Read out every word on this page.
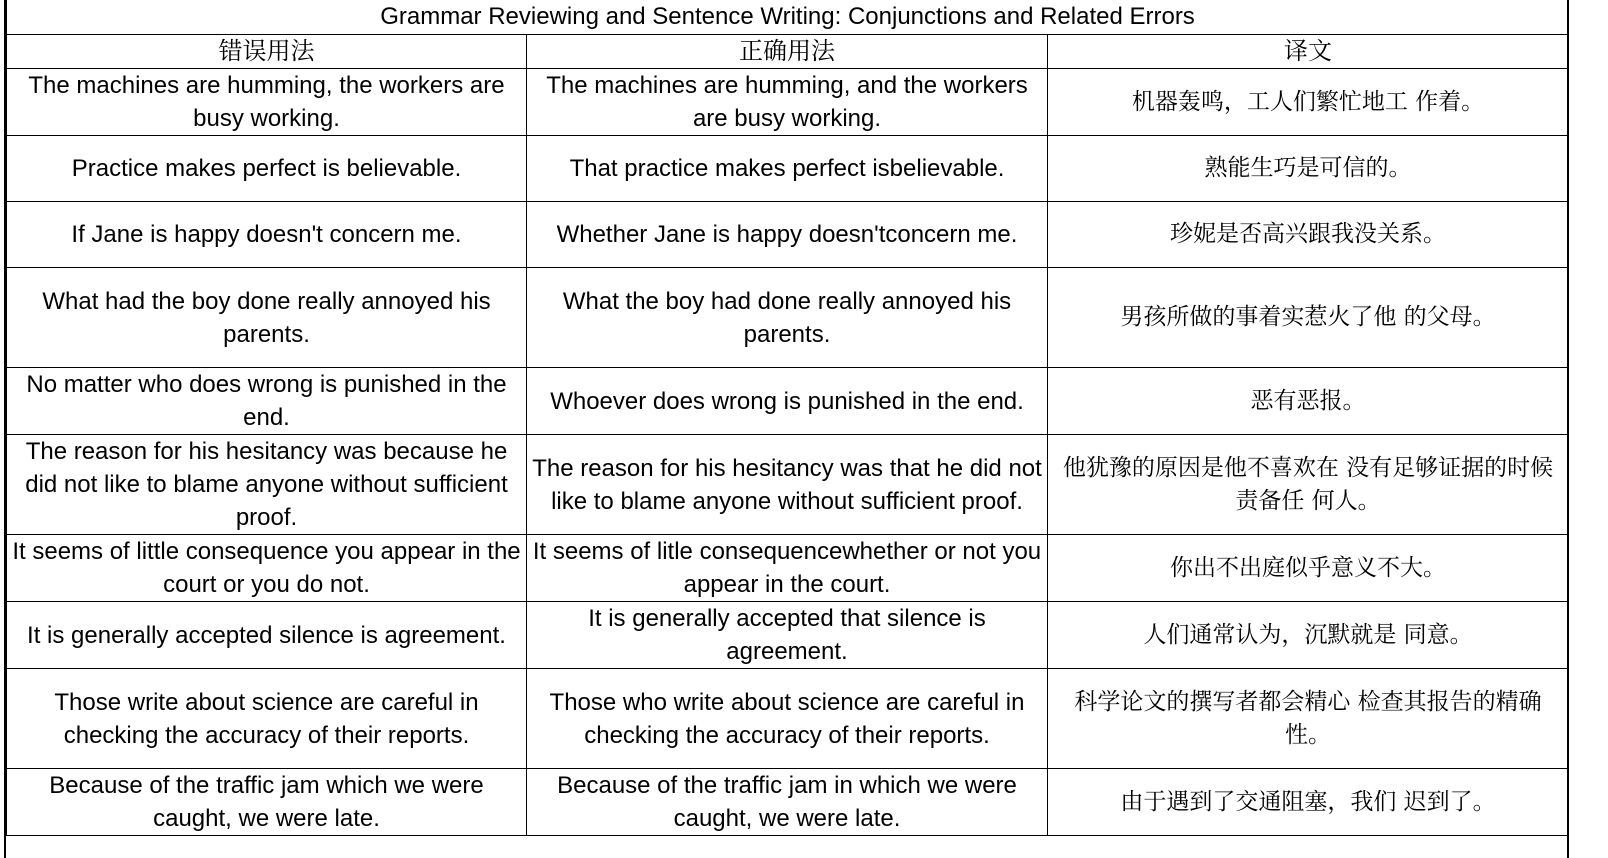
Grammar Reviewing and Sentence Writing: Conjunctions and Related Errors		
错误用法	正确用法	译文
The machines are humming, the workers are busy working.	The machines are humming, and the workers are busy working.	机器轰鸣，工人们繁忙地工 作着。
Practice makes perfect is believable.	That practice makes perfect isbelievable.	熟能生巧是可信的。
If Jane is happy doesn't concern me.	Whether Jane is happy doesn'tconcern me.	珍妮是否高兴跟我没关系。
What had the boy done really annoyed his parents.	What the boy had done really annoyed his parents.	男孩所做的事着实惹火了他 的父母。
No matter who does wrong is punished in the end.	Whoever does wrong is punished in the end.	恶有恶报。
The reason for his hesitancy was because he did not like to blame anyone without sufficient proof.	The reason for his hesitancy was that he did not like to blame anyone without sufficient proof.	他犹豫的原因是他不喜欢在 没有足够证据的时候责备任 何人。
It seems of little consequence you appear in the court or you do not.	It seems of litle consequencewhether or not you appear in the court.	你出不出庭似乎意义不大。
It is generally accepted silence is agreement.	It is generally accepted that silence is agreement.	人们通常认为，沉默就是 同意。
Those write about science are careful in checking the accuracy of their reports.	Those who write about science are careful in checking the accuracy of their reports.	科学论文的撰写者都会精心 检查其报告的精确性。
Because of the traffic jam which we were caught, we were late.	Because of the traffic jam in which we were caught, we were late.	由于遇到了交通阻塞，我们 迟到了。
